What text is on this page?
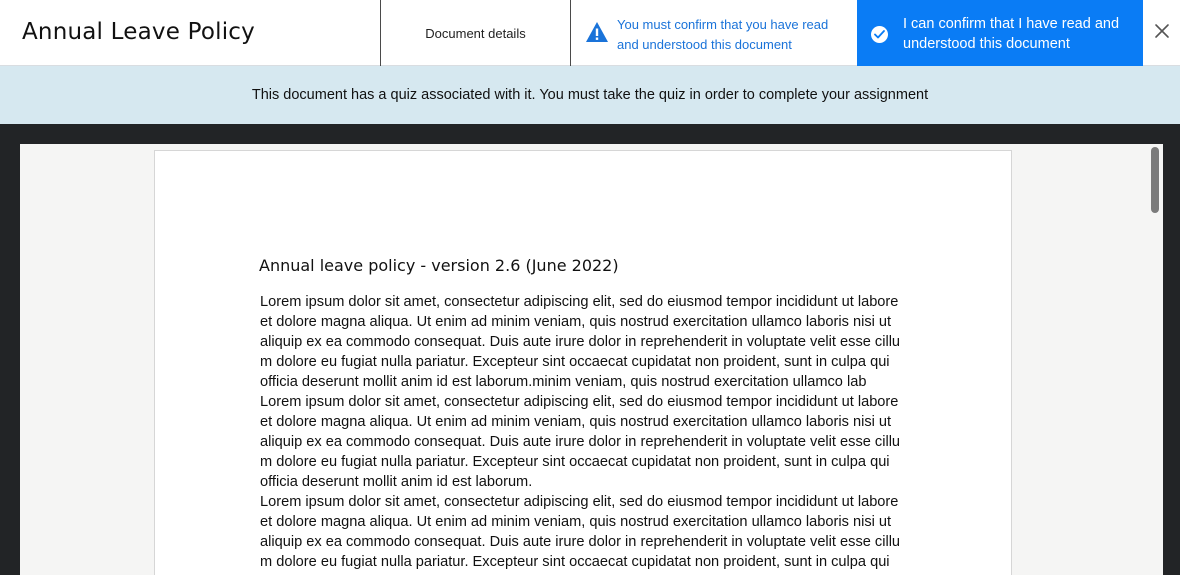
Annual Leave Policy	Document details
You must confirm that you have read and understood this document
I can confirm that I have read and understood this document
This document has a quiz associated with it. You must take the quiz in order to complete your assignment
Annual leave policy - version 2.6 (June 2022)
Lorem ipsum dolor sit amet, consectetur adipiscing elit, sed do eiusmod tempor incididunt ut labore
et dolore magna aliqua. Ut enim ad minim veniam, quis nostrud exercitation ullamco laboris nisi ut
aliquip ex ea commodo consequat. Duis aute irure dolor in reprehenderit in voluptate velit esse cillu
m dolore eu fugiat nulla pariatur. Excepteur sint occaecat cupidatat non proident, sunt in culpa qui
officia deserunt mollit anim id est laborum.minim veniam, quis nostrud exercitation ullamco lab
Lorem ipsum dolor sit amet, consectetur adipiscing elit, sed do eiusmod tempor incididunt ut labore
et dolore magna aliqua. Ut enim ad minim veniam, quis nostrud exercitation ullamco laboris nisi ut
aliquip ex ea commodo consequat. Duis aute irure dolor in reprehenderit in voluptate velit esse cillu
m dolore eu fugiat nulla pariatur. Excepteur sint occaecat cupidatat non proident, sunt in culpa qui
officia deserunt mollit anim id est laborum.
Lorem ipsum dolor sit amet, consectetur adipiscing elit, sed do eiusmod tempor incididunt ut labore
et dolore magna aliqua. Ut enim ad minim veniam, quis nostrud exercitation ullamco laboris nisi ut
aliquip ex ea commodo consequat. Duis aute irure dolor in reprehenderit in voluptate velit esse cillu
m dolore eu fugiat nulla pariatur. Excepteur sint occaecat cupidatat non proident, sunt in culpa qui
